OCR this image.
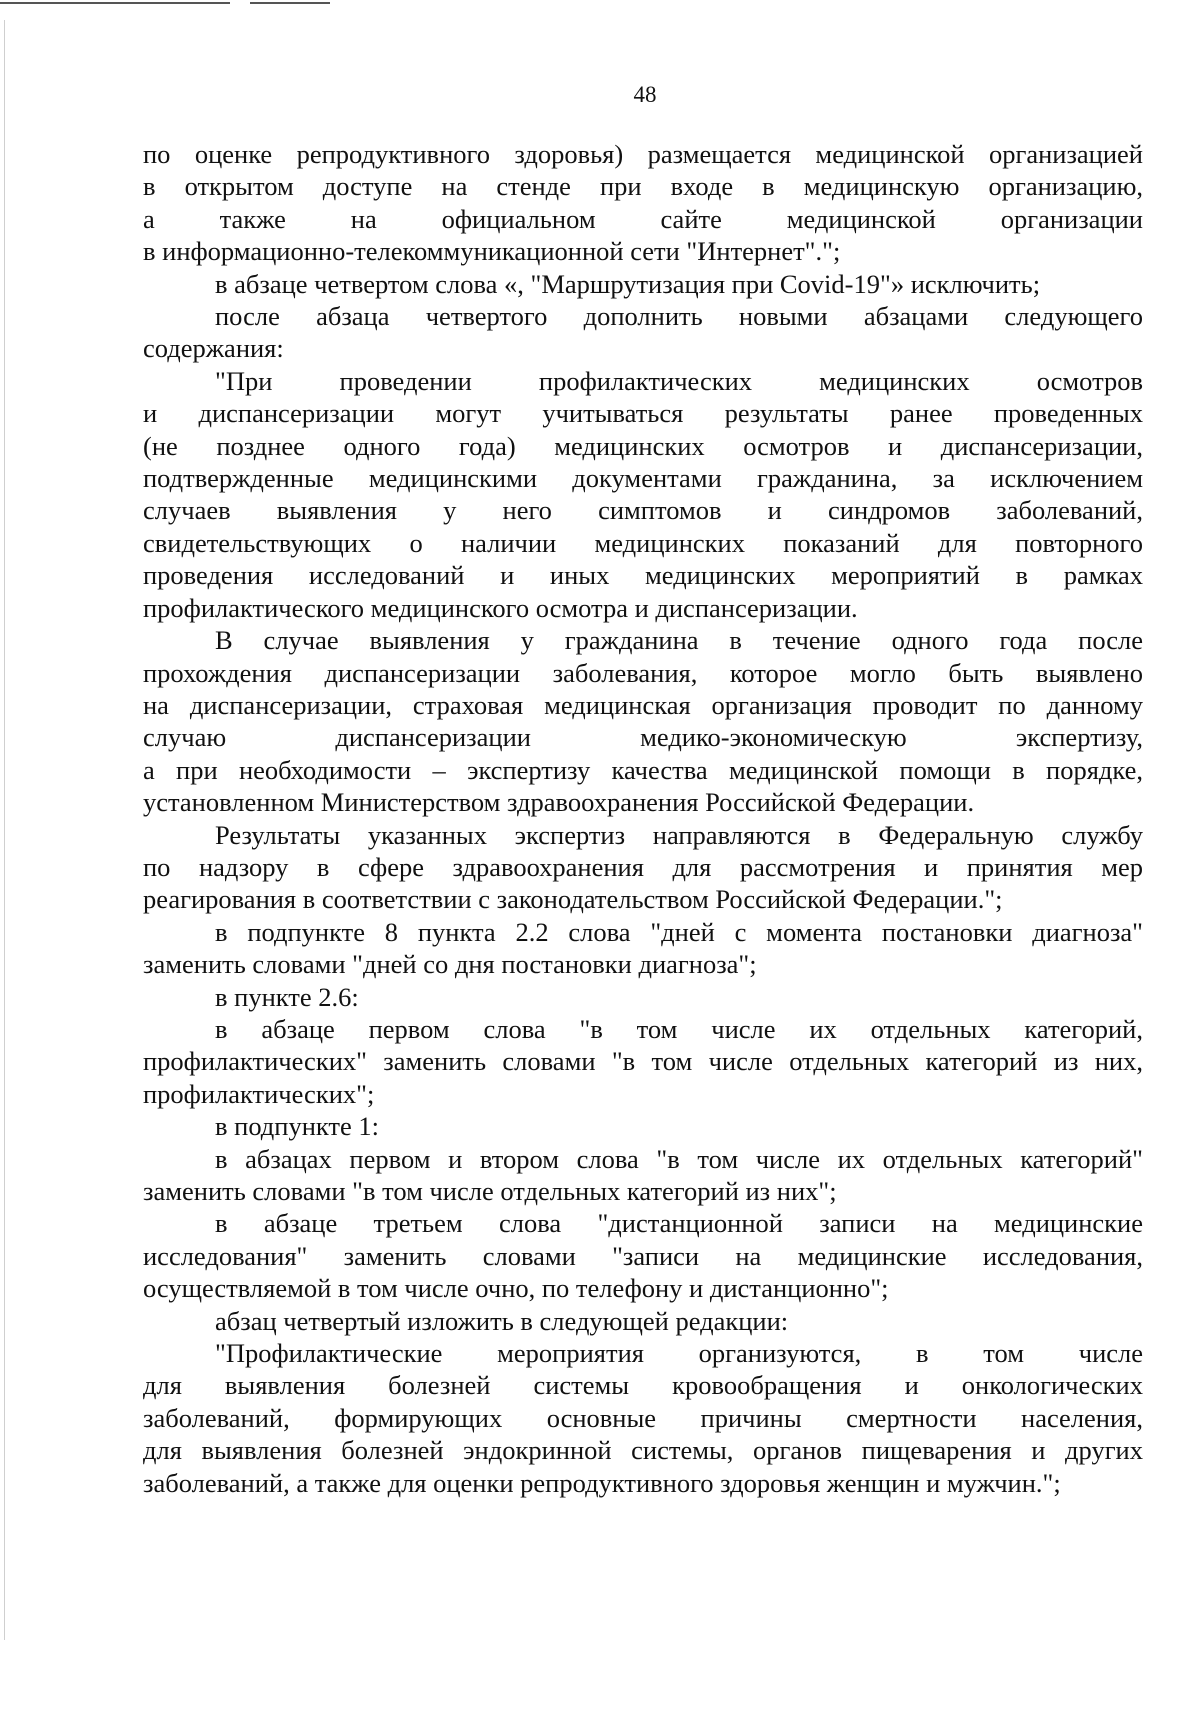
48
по оценке репродуктивного здоровья) размещается медицинской организацией
в открытом доступе на стенде при входе в медицинскую организацию,
а также на официальном сайте медицинской организации
в информационно-телекоммуникационной сети "Интернет".";
в абзаце четвертом слова «, "Маршрутизация при Covid-19"» исключить;
после абзаца четвертого дополнить новыми абзацами следующего
содержания:
"При проведении профилактических медицинских осмотров
и диспансеризации могут учитываться результаты ранее проведенных
(не позднее одного года) медицинских осмотров и диспансеризации,
подтвержденные медицинскими документами гражданина, за исключением
случаев выявления у него симптомов и синдромов заболеваний,
свидетельствующих о наличии медицинских показаний для повторного
проведения исследований и иных медицинских мероприятий в рамках
профилактического медицинского осмотра и диспансеризации.
В случае выявления у гражданина в течение одного года после
прохождения диспансеризации заболевания, которое могло быть выявлено
на диспансеризации, страховая медицинская организация проводит по данному
случаю диспансеризации медико-экономическую экспертизу,
а при необходимости – экспертизу качества медицинской помощи в порядке,
установленном Министерством здравоохранения Российской Федерации.
Результаты указанных экспертиз направляются в Федеральную службу
по надзору в сфере здравоохранения для рассмотрения и принятия мер
реагирования в соответствии с законодательством Российской Федерации.";
в подпункте 8 пункта 2.2 слова "дней с момента постановки диагноза"
заменить словами "дней со дня постановки диагноза";
в пункте 2.6:
в абзаце первом слова "в том числе их отдельных категорий,
профилактических" заменить словами "в том числе отдельных категорий из них,
профилактических";
в подпункте 1:
в абзацах первом и втором слова "в том числе их отдельных категорий"
заменить словами "в том числе отдельных категорий из них";
в абзаце третьем слова "дистанционной записи на медицинские
исследования" заменить словами "записи на медицинские исследования,
осуществляемой в том числе очно, по телефону и дистанционно";
абзац четвертый изложить в следующей редакции:
"Профилактические мероприятия организуются, в том числе
для выявления болезней системы кровообращения и онкологических
заболеваний, формирующих основные причины смертности населения,
для выявления болезней эндокринной системы, органов пищеварения и других
заболеваний, а также для оценки репродуктивного здоровья женщин и мужчин.";
